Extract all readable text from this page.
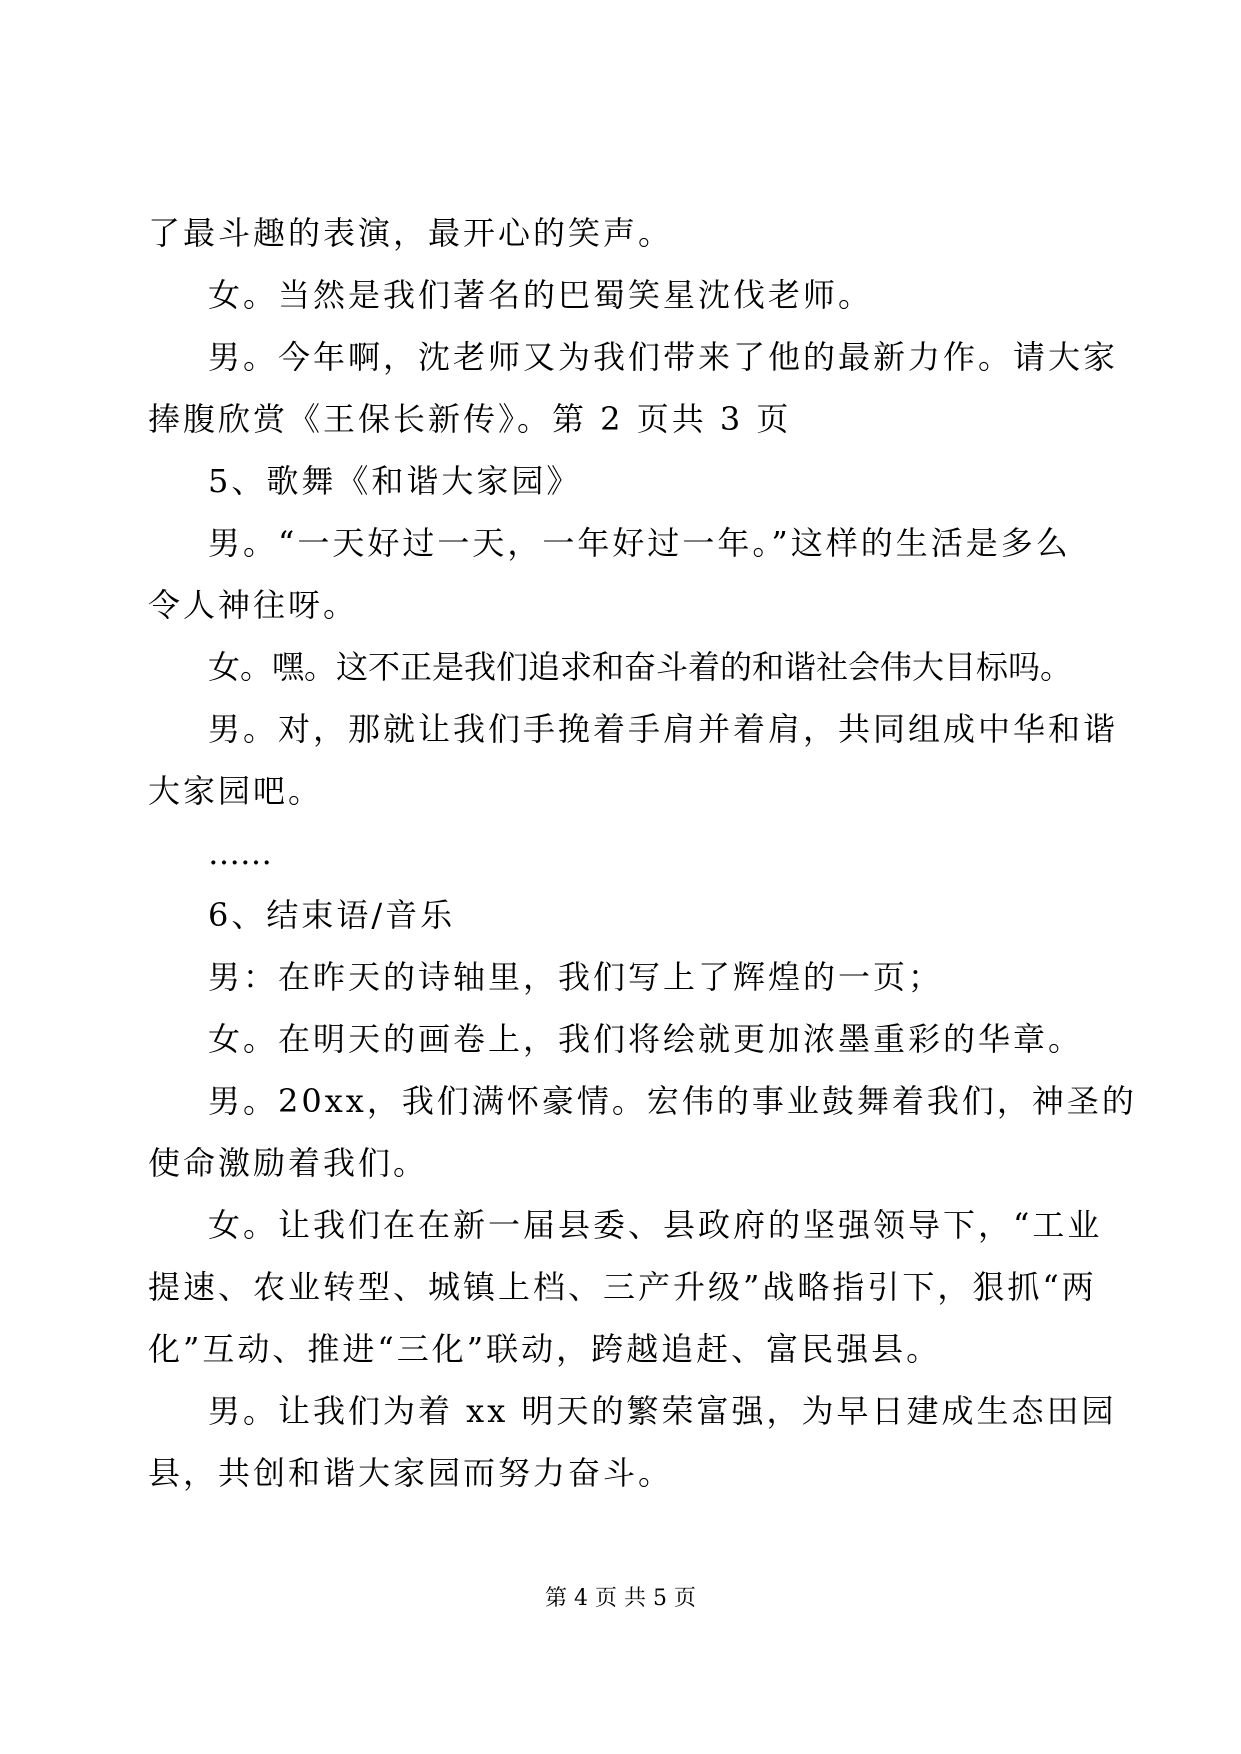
了最斗趣的表演，最开心的笑声。
女。当然是我们著名的巴蜀笑星沈伐老师。
男。今年啊，沈老师又为我们带来了他的最新力作。请大家
捧腹欣赏《王保长新传》。第 2 页共 3 页
5、歌舞《和谐大家园》
男。“一天好过一天，一年好过一年。”这样的生活是多么
令人神往呀。
女。嘿。这不正是我们追求和奋斗着的和谐社会伟大目标吗。
男。对，那就让我们手挽着手肩并着肩，共同组成中华和谐
大家园吧。
……
6、结束语/音乐
男：在昨天的诗轴里，我们写上了辉煌的一页；
女。在明天的画卷上，我们将绘就更加浓墨重彩的华章。
男。20xx，我们满怀豪情。宏伟的事业鼓舞着我们，神圣的
使命激励着我们。
女。让我们在在新一届县委、县政府的坚强领导下，“工业
提速、农业转型、城镇上档、三产升级”战略指引下，狠抓“两
化”互动、推进“三化”联动，跨越追赶、富民强县。
男。让我们为着 xx 明天的繁荣富强，为早日建成生态田园
县，共创和谐大家园而努力奋斗。
第 4 页 共 5 页
